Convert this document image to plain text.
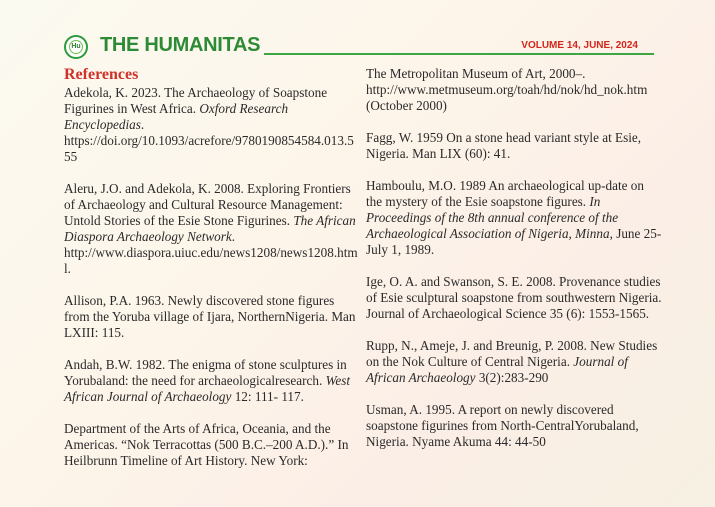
Hu THE HUMANITAS	VOLUME 14, JUNE, 2024
References

Adekola, K. 2023. The Archaeology of Soapstone Figurines in West Africa. Oxford Research Encyclopedias. https://doi.org/10.1093/acrefore/9780190854584.013.555

Aleru, J.O. and Adekola, K. 2008. Exploring Frontiers of Archaeology and Cultural Resource Management: Untold Stories of the Esie Stone Figurines. The African Diaspora Archaeology Network. http://www.diaspora.uiuc.edu/news1208/news1208.html.

Allison, P.A. 1963. Newly discovered stone figures from the Yoruba village of Ijara, NorthernNigeria. Man LXIII: 115.

Andah, B.W. 1982. The enigma of stone sculptures in Yorubaland: the need for archaeologicalresearch. West African Journal of Archaeology 12: 111- 117.

Department of the Arts of Africa, Oceania, and the Americas. “Nok Terracottas (500 B.C.–200 A.D.).” In Heilbrunn Timeline of Art History. New York:

The Metropolitan Museum of Art, 2000–. http://www.metmuseum.org/toah/hd/nok/hd_nok.htm (October 2000)

Fagg, W. 1959 On a stone head variant style at Esie, Nigeria. Man LIX (60): 41.

Hamboulu, M.O. 1989 An archaeological up-date on the mystery of the Esie soapstone figures. In Proceedings of the 8th annual conference of the Archaeological Association of Nigeria, Minna, June 25-July 1, 1989.

Ige, O. A. and Swanson, S. E. 2008. Provenance studies of Esie sculptural soapstone from southwestern Nigeria. Journal of Archaeological Science 35 (6): 1553-1565.

Rupp, N., Ameje, J. and Breunig, P. 2008. New Studies on the Nok Culture of Central Nigeria. Journal of African Archaeology 3(2):283-290

Usman, A. 1995. A report on newly discovered soapstone figurines from North-CentralYorubaland, Nigeria. Nyame Akuma 44: 44-50
